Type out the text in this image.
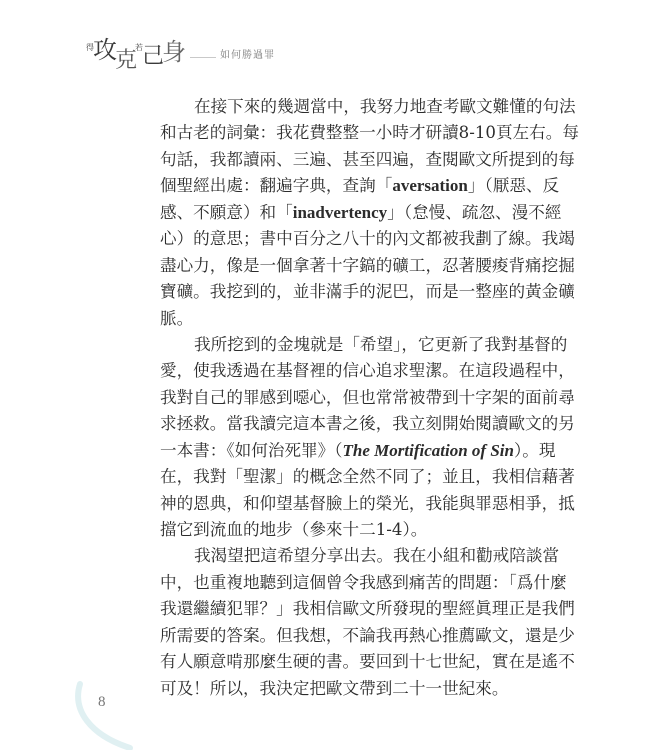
得 攻 克
若 己 身	如何勝過罪

在接下來的幾週當中，我努力地查考歐文難懂的句法
和古老的詞彙：我花費整整一小時才研讀8-10頁左右。每
句話，我都讀兩、三遍、甚至四遍，查閱歐文所提到的每
個聖經出處：翻遍字典，查詢「aversation」（厭惡、反
感、不願意）和「inadvertency」（怠慢、疏忽、漫不經
心）的意思；書中百分之八十的內文都被我劃了線。我竭
盡心力，像是一個拿著十字鎬的礦工，忍著腰痠背痛挖掘
寶礦。我挖到的，並非滿手的泥巴，而是一整座的黃金礦
脈。

我所挖到的金塊就是「希望」，它更新了我對基督的
愛，使我透過在基督裡的信心追求聖潔。在這段過程中，
我對自己的罪感到噁心，但也常常被帶到十字架的面前尋
求拯救。當我讀完這本書之後，我立刻開始閱讀歐文的另
一本書：《如何治死罪》（The Mortification of Sin）。現
在，我對「聖潔」的概念全然不同了；並且，我相信藉著
神的恩典，和仰望基督臉上的榮光，我能與罪惡相爭，抵
擋它到流血的地步（參來十二1-4）。

我渴望把這希望分享出去。我在小組和勸戒陪談當
中，也重複地聽到這個曾令我感到痛苦的問題：「爲什麼
我還繼續犯罪？」我相信歐文所發現的聖經眞理正是我們
所需要的答案。但我想，不論我再熱心推薦歐文，還是少
有人願意啃那麼生硬的書。要回到十七世紀，實在是遙不
可及！所以，我決定把歐文帶到二十一世紀來。

8
